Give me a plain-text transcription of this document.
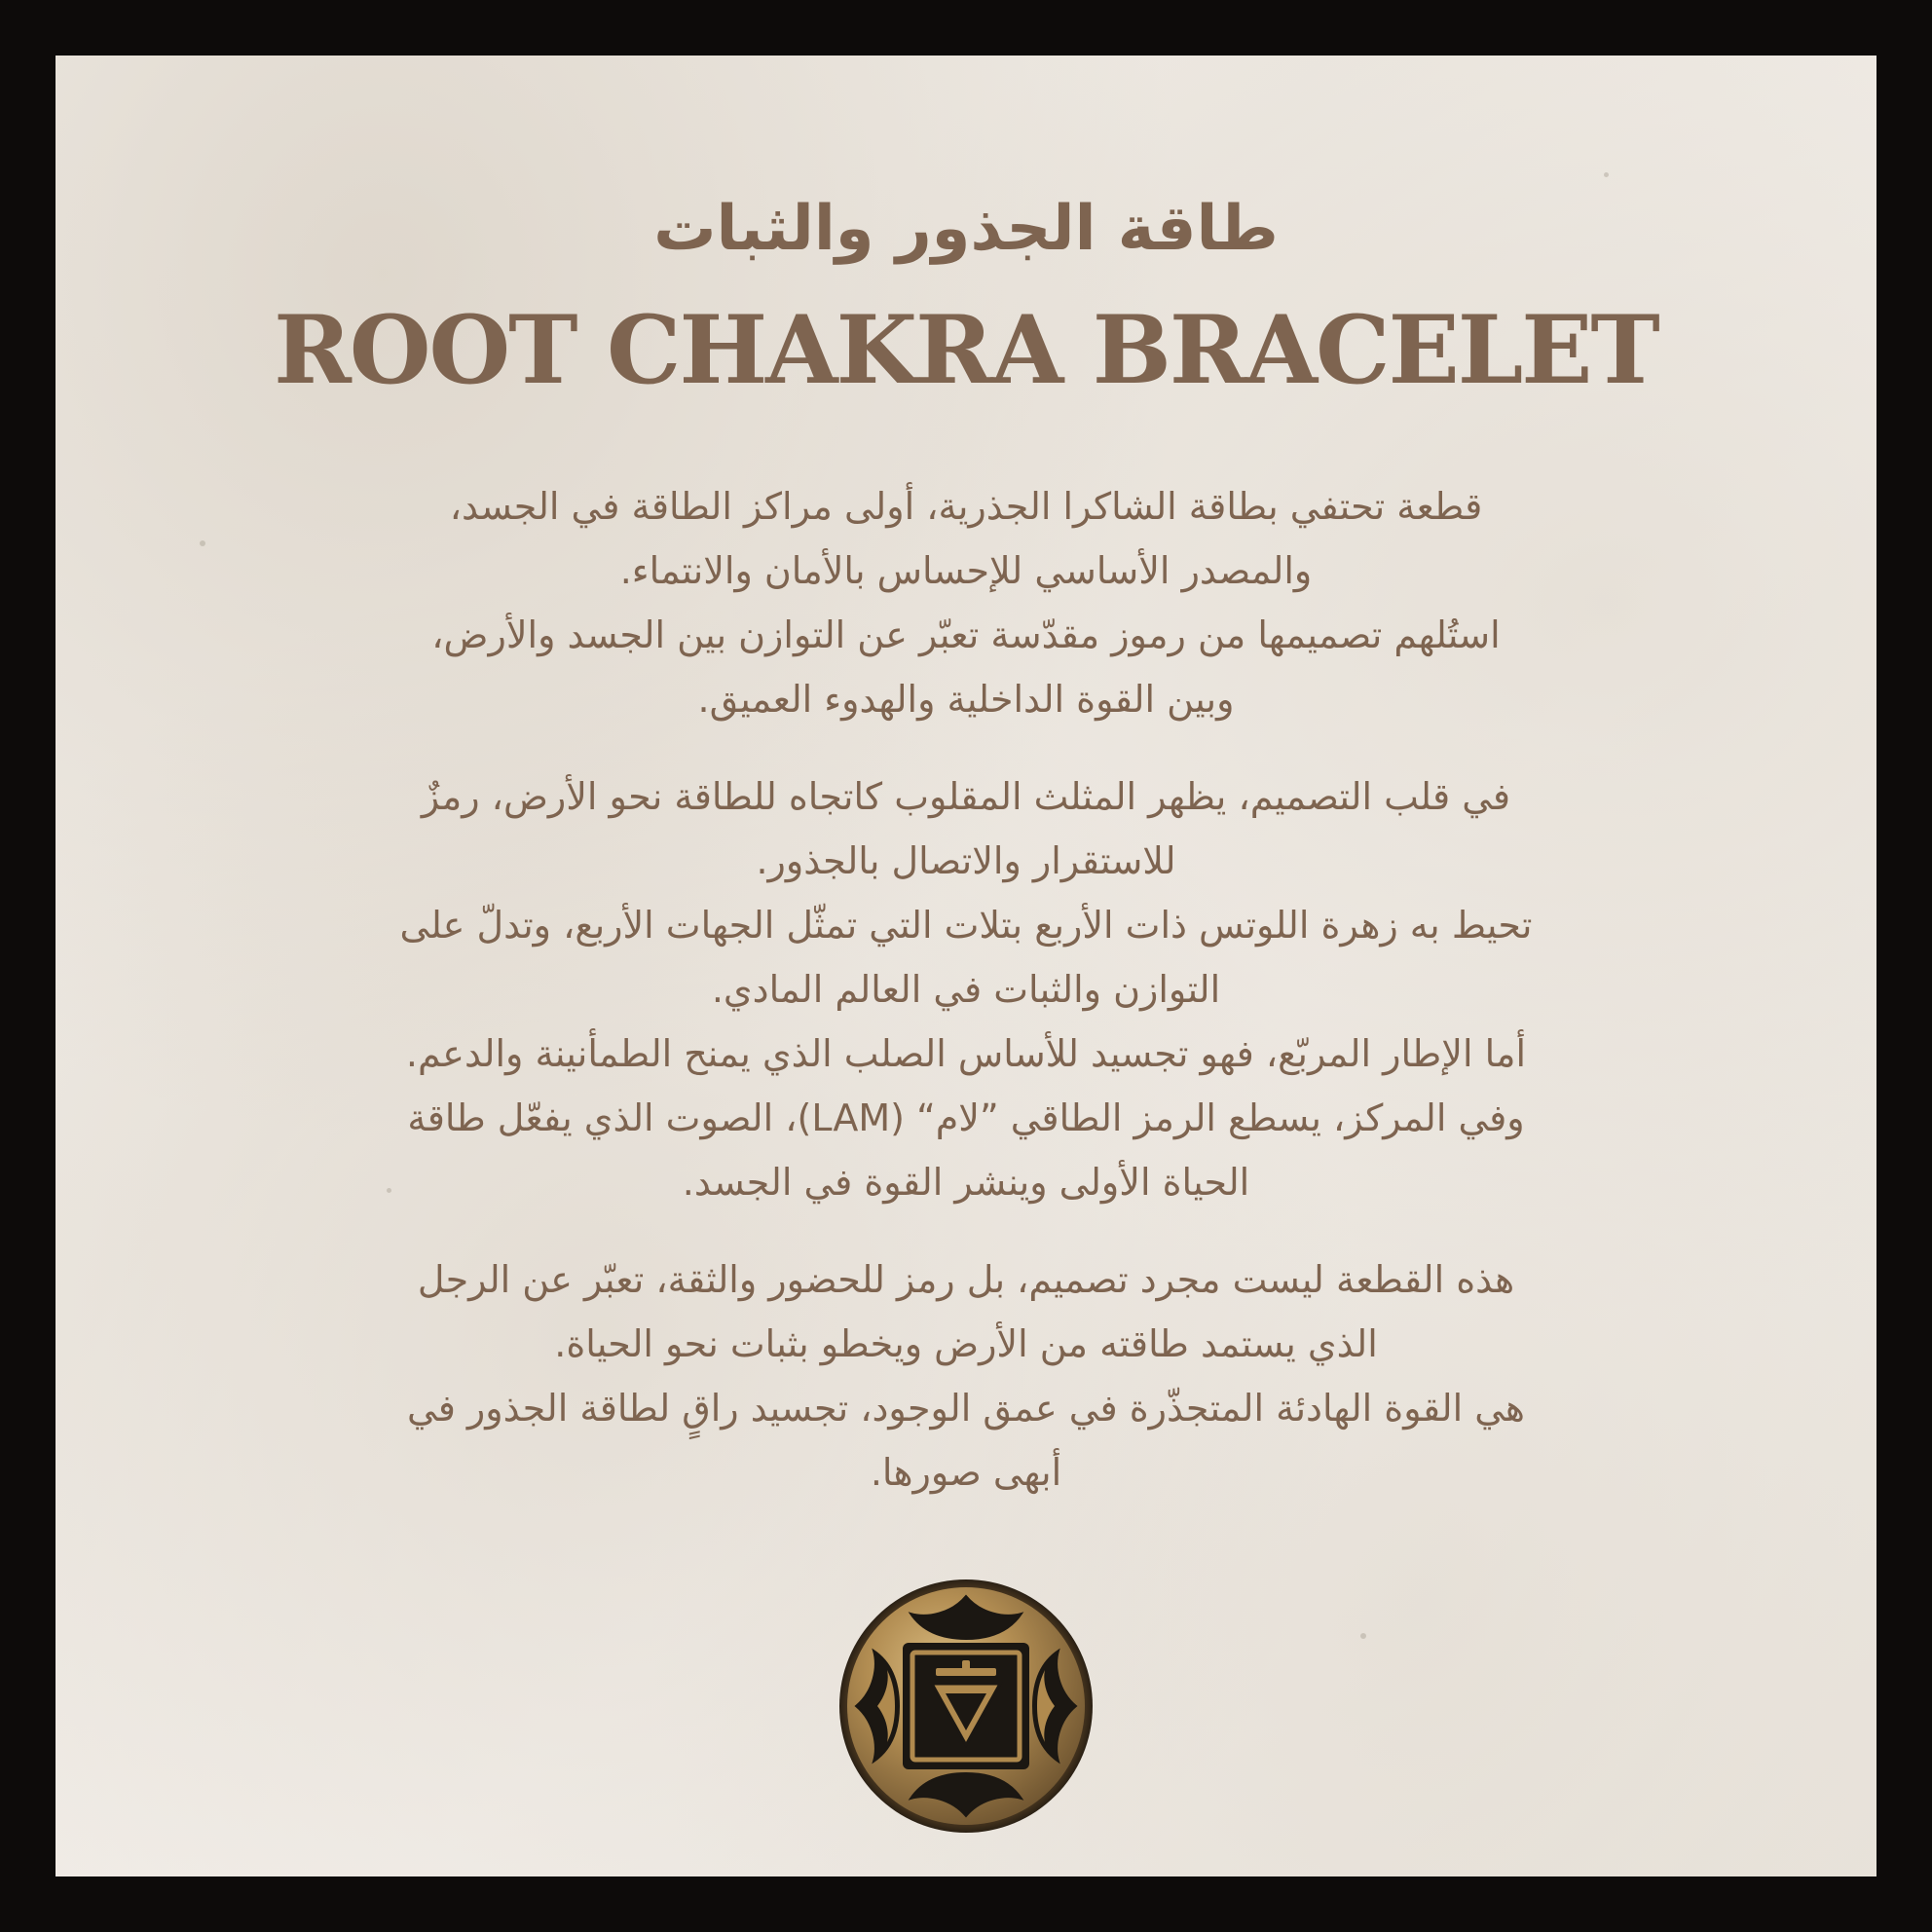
طاقة الجذور والثبات
ROOT CHAKRA BRACELET

قطعة تحتفي بطاقة الشاكرا الجذرية، أولى مراكز الطاقة في الجسد،
والمصدر الأساسي للإحساس بالأمان والانتماء.
استُلهم تصميمها من رموز مقدّسة تعبّر عن التوازن بين الجسد والأرض،
وبين القوة الداخلية والهدوء العميق.

في قلب التصميم، يظهر المثلث المقلوب كاتجاه للطاقة نحو الأرض، رمزٌ
للاستقرار والاتصال بالجذور.
تحيط به زهرة اللوتس ذات الأربع بتلات التي تمثّل الجهات الأربع، وتدلّ على
التوازن والثبات في العالم المادي.
أما الإطار المربّع، فهو تجسيد للأساس الصلب الذي يمنح الطمأنينة والدعم.
وفي المركز، يسطع الرمز الطاقي ”لام“ (LAM)، الصوت الذي يفعّل طاقة
الحياة الأولى وينشر القوة في الجسد.

هذه القطعة ليست مجرد تصميم، بل رمز للحضور والثقة، تعبّر عن الرجل
الذي يستمد طاقته من الأرض ويخطو بثبات نحو الحياة.
هي القوة الهادئة المتجذّرة في عمق الوجود، تجسيد راقٍ لطاقة الجذور في
أبهى صورها.
